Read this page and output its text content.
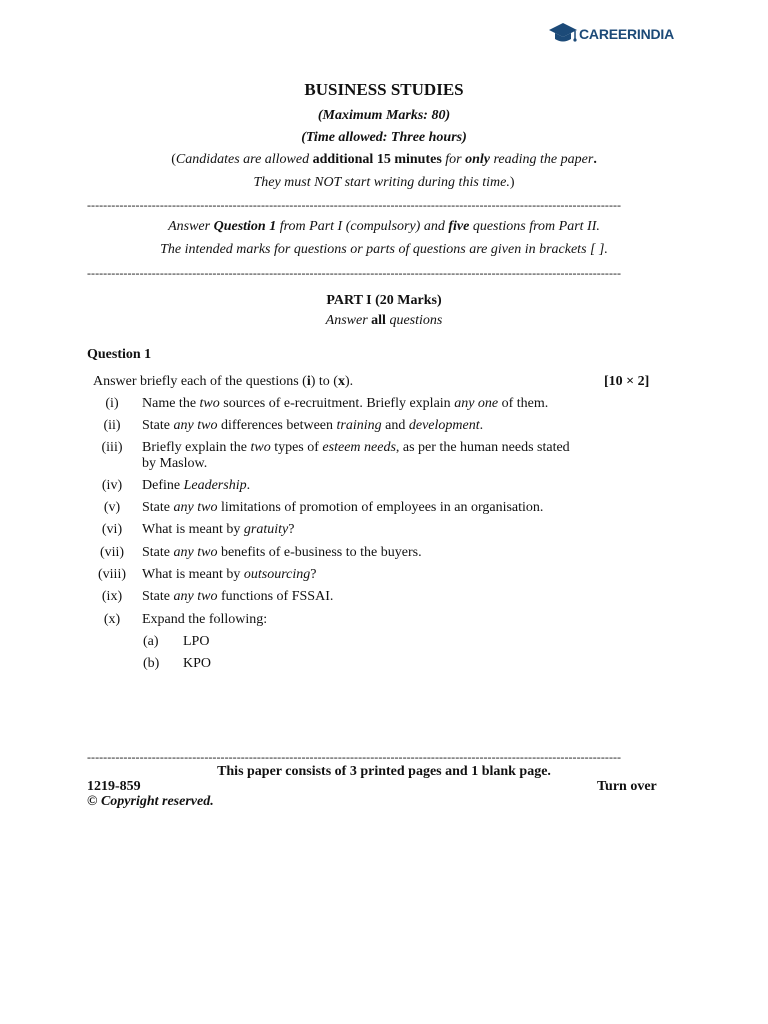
CAREERINDIA
BUSINESS STUDIES
(Maximum Marks: 80)
(Time allowed: Three hours)
(Candidates are allowed additional 15 minutes for only reading the paper.
They must NOT start writing during this time.)
------------------------------------------------------------------------------------------------------------------------------------
Answer Question 1 from Part I (compulsory) and five questions from Part II.
The intended marks for questions or parts of questions are given in brackets [ ].
------------------------------------------------------------------------------------------------------------------------------------
PART I (20 Marks)
Answer all questions
Question 1
Answer briefly each of the questions (i) to (x).	[10 × 2]
(i)	Name the two sources of e-recruitment. Briefly explain any one of them.
(ii)	State any two differences between training and development.
(iii)	Briefly explain the two types of esteem needs, as per the human needs stated
by Maslow.
(iv)	Define Leadership.
(v)	State any two limitations of promotion of employees in an organisation.
(vi)	What is meant by gratuity?
(vii)	State any two benefits of e-business to the buyers.
(viii)	What is meant by outsourcing?
(ix)	State any two functions of FSSAI.
(x)	Expand the following:
(a) LPO
(b) KPO
------------------------------------------------------------------------------------------------------------------------------------
This paper consists of 3 printed pages and 1 blank page.
1219-859	Turn over
© Copyright reserved.
